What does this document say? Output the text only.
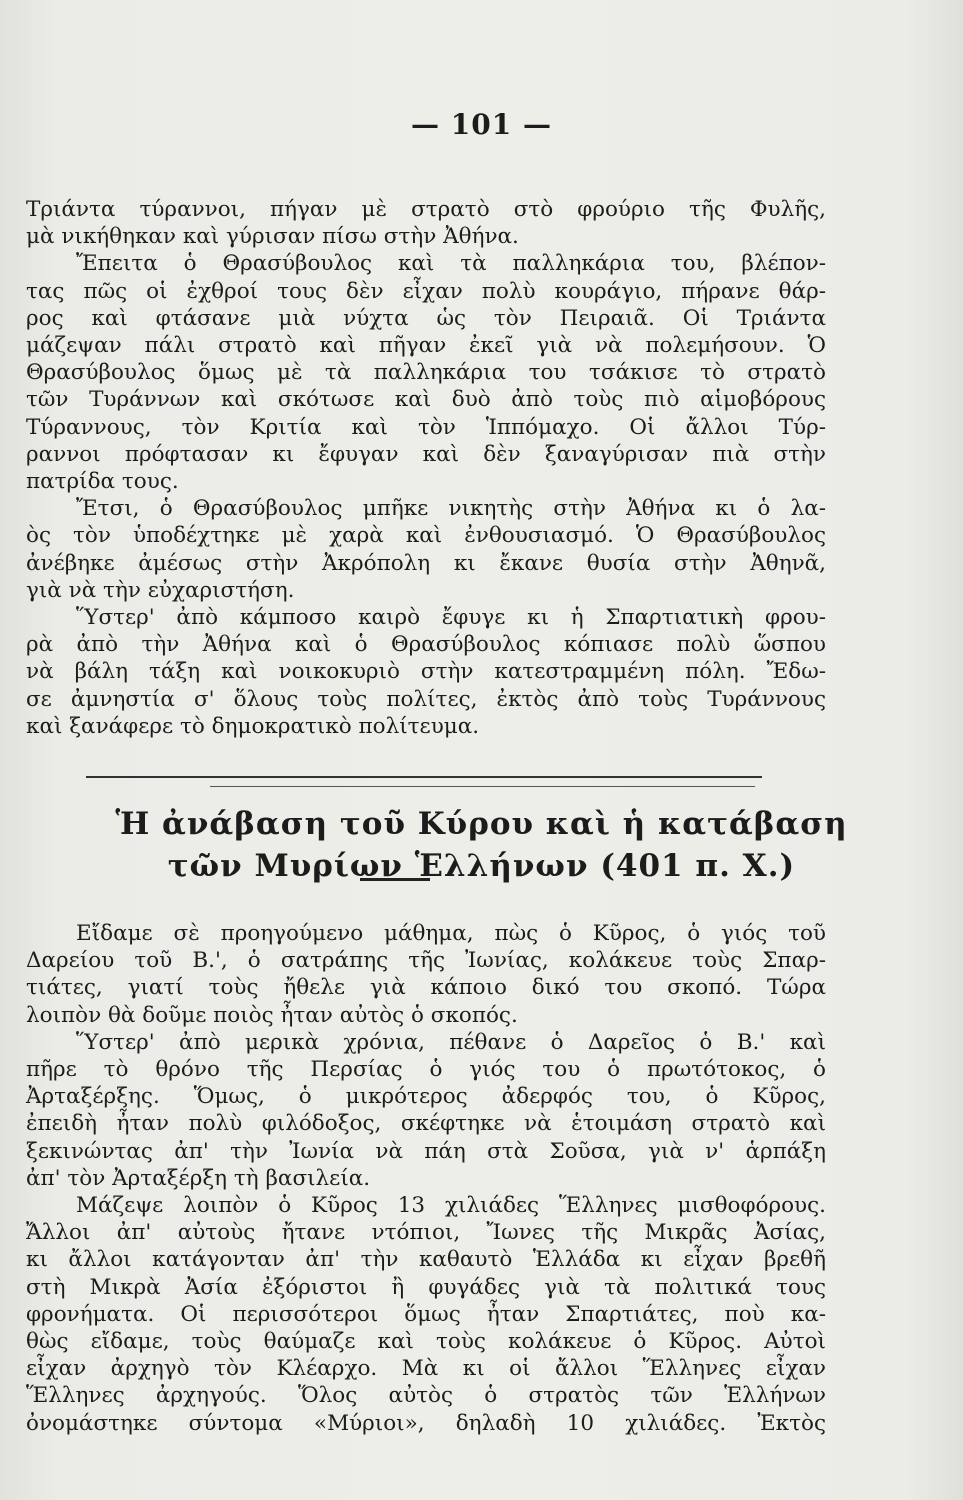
— 101 —
Τριάντα τύραννοι, πήγαν μὲ στρατὸ στὸ φρούριο τῆς Φυλῆς,
μὰ νικήθηκαν καὶ γύρισαν πίσω στὴν Ἀθήνα.
Ἔπειτα ὁ Θρασύβουλος καὶ τὰ παλληκάρια του, βλέπον-
τας πῶς οἱ ἐχθροί τους δὲν εἶχαν πολὺ κουράγιο, πήρανε θάρ-
ρος καὶ φτάσανε μιὰ νύχτα ὡς τὸν Πειραιᾶ. Οἱ Τριάντα
μάζεψαν πάλι στρατὸ καὶ πῆγαν ἐκεῖ γιὰ νὰ πολεμήσουν. Ὁ
Θρασύβουλος ὅμως μὲ τὰ παλληκάρια του τσάκισε τὸ στρατὸ
τῶν Τυράννων καὶ σκότωσε καὶ δυὸ ἀπὸ τοὺς πιὸ αἱμοβόρους
Τύραννους, τὸν Κριτία καὶ τὸν Ἱππόμαχο. Οἱ ἄλλοι Τύρ-
ραννοι πρόφτασαν κι ἔφυγαν καὶ δὲν ξαναγύρισαν πιὰ στὴν
πατρίδα τους.
Ἔτσι, ὁ Θρασύβουλος μπῆκε νικητὴς στὴν Ἀθήνα κι ὁ λα-
ὸς τὸν ὑποδέχτηκε μὲ χαρὰ καὶ ἐνθουσιασμό. Ὁ Θρασύβουλος
ἀνέβηκε ἀμέσως στὴν Ἀκρόπολη κι ἔκανε θυσία στὴν Ἀθηνᾶ,
γιὰ νὰ τὴν εὐχαριστήση.
Ὕστερ' ἀπὸ κάμποσο καιρὸ ἔφυγε κι ἡ Σπαρτιατικὴ φρου-
ρὰ ἀπὸ τὴν Ἀθήνα καὶ ὁ Θρασύβουλος κόπιασε πολὺ ὥσπου
νὰ βάλη τάξη καὶ νοικοκυριὸ στὴν κατεστραμμένη πόλη. Ἔδω-
σε ἀμνηστία σ' ὅλους τοὺς πολίτες, ἐκτὸς ἀπὸ τοὺς Τυράννους
καὶ ξανάφερε τὸ δημοκρατικὸ πολίτευμα.
Ἡ ἀνάβαση τοῦ Κύρου καὶ ἡ κατάβαση
τῶν Μυρίων Ἑλλήνων (401 π. Χ.)
Εἴδαμε σὲ προηγούμενο μάθημα, πὼς ὁ Κῦρος, ὁ γιός τοῦ
Δαρείου τοῦ Β.', ὁ σατράπης τῆς Ἰωνίας, κολάκευε τοὺς Σπαρ-
τιάτες, γιατί τοὺς ἤθελε γιὰ κάποιο δικό του σκοπό. Τώρα
λοιπὸν θὰ δοῦμε ποιὸς ἦταν αὐτὸς ὁ σκοπός.
Ὕστερ' ἀπὸ μερικὰ χρόνια, πέθανε ὁ Δαρεῖος ὁ Β.' καὶ
πῆρε τὸ θρόνο τῆς Περσίας ὁ γιός του ὁ πρωτότοκος, ὁ
Ἀρταξέρξης. Ὅμως, ὁ μικρότερος ἀδερφός του, ὁ Κῦρος,
ἐπειδὴ ἦταν πολὺ φιλόδοξος, σκέφτηκε νὰ ἑτοιμάση στρατὸ καὶ
ξεκινώντας ἀπ' τὴν Ἰωνία νὰ πάη στὰ Σοῦσα, γιὰ ν' ἁρπάξη
ἀπ' τὸν Ἀρταξέρξη τὴ βασιλεία.
Μάζεψε λοιπὸν ὁ Κῦρος 13 χιλιάδες Ἕλληνες μισθοφόρους.
Ἄλλοι ἀπ' αὐτοὺς ἤτανε ντόπιοι, Ἴωνες τῆς Μικρᾶς Ἀσίας,
κι ἄλλοι κατάγονταν ἀπ' τὴν καθαυτὸ Ἑλλάδα κι εἶχαν βρεθῆ
στὴ Μικρὰ Ἀσία ἐξόριστοι ἢ φυγάδες γιὰ τὰ πολιτικά τους
φρονήματα. Οἱ περισσότεροι ὅμως ἦταν Σπαρτιάτες, ποὺ κα-
θὼς εἴδαμε, τοὺς θαύμαζε καὶ τοὺς κολάκευε ὁ Κῦρος. Αὐτοὶ
εἶχαν ἀρχηγὸ τὸν Κλέαρχο. Μὰ κι οἱ ἄλλοι Ἕλληνες εἶχαν
Ἕλληνες ἀρχηγούς. Ὅλος αὐτὸς ὁ στρατὸς τῶν Ἑλλήνων
ὀνομάστηκε σύντομα «Μύριοι», δηλαδὴ 10 χιλιάδες. Ἐκτὸς
